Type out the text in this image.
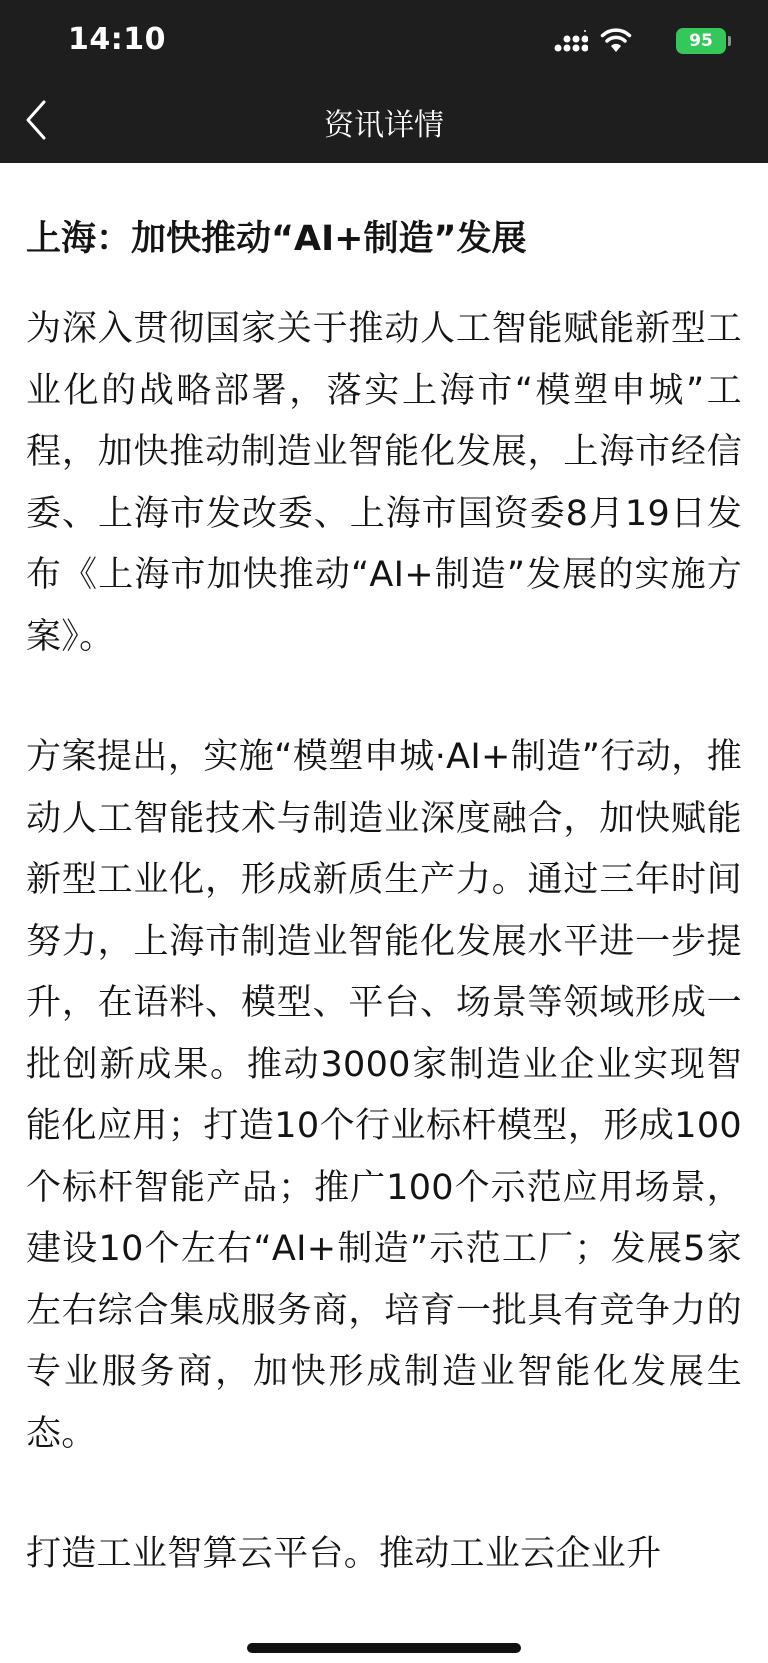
14:10	95
资讯详情
上海：加快推动“AI+制造”发展

为深入贯彻国家关于推动人工智能赋能新型工业化的战略部署，落实上海市“模塑申城”工程，加快推动制造业智能化发展，上海市经信委、上海市发改委、上海市国资委8月19日发布《上海市加快推动“AI+制造”发展的实施方案》。

方案提出，实施“模塑申城·AI+制造”行动，推动人工智能技术与制造业深度融合，加快赋能新型工业化，形成新质生产力。通过三年时间努力，上海市制造业智能化发展水平进一步提升，在语料、模型、平台、场景等领域形成一批创新成果。推动3000家制造业企业实现智能化应用；打造10个行业标杆模型，形成100个标杆智能产品；推广100个示范应用场景，建设10个左右“AI+制造”示范工厂；发展5家左右综合集成服务商，培育一批具有竞争力的专业服务商，加快形成制造业智能化发展生态。

打造工业智算云平台。推动工业云企业升
